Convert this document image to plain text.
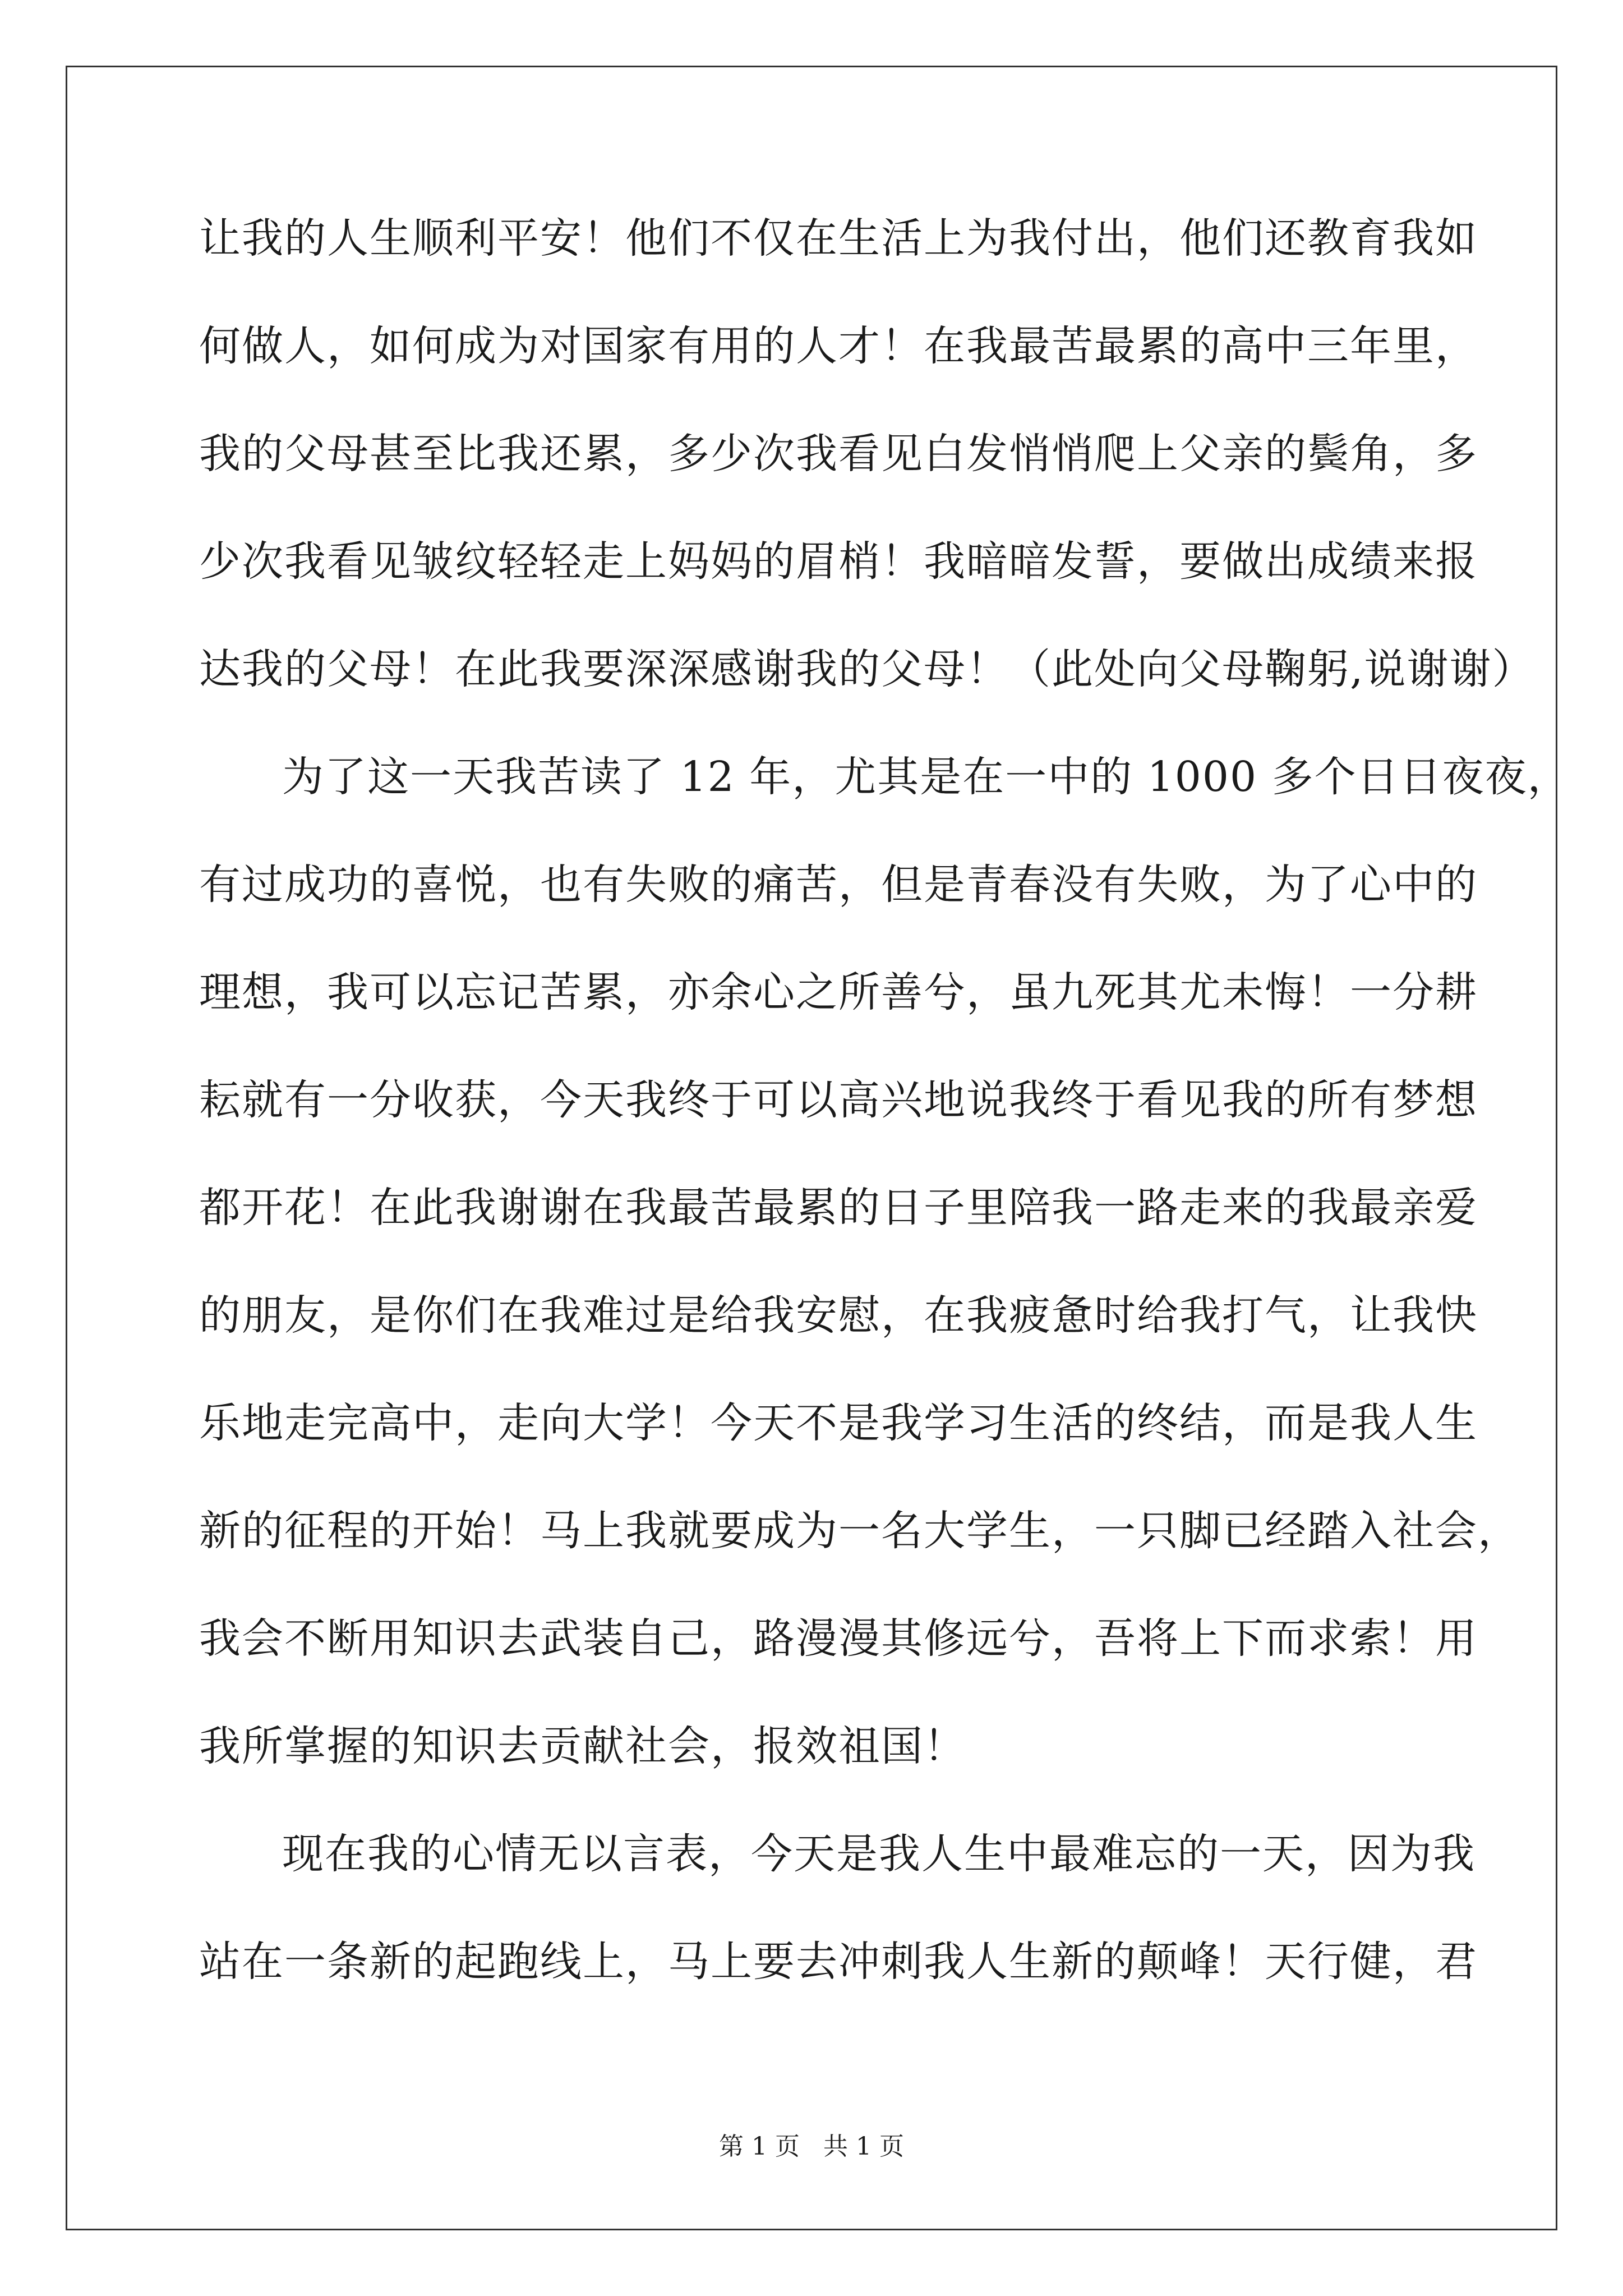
让我的人生顺利平安！他们不仅在生活上为我付出，他们还教育我如
何做人，如何成为对国家有用的人才！在我最苦最累的高中三年里，
我的父母甚至比我还累，多少次我看见白发悄悄爬上父亲的鬓角，多
少次我看见皱纹轻轻走上妈妈的眉梢！我暗暗发誓，要做出成绩来报
达我的父母！在此我要深深感谢我的父母！（此处向父母鞠躬,说谢谢）
为了这一天我苦读了 12 年，尤其是在一中的 1000 多个日日夜夜，
有过成功的喜悦，也有失败的痛苦，但是青春没有失败，为了心中的
理想，我可以忘记苦累，亦余心之所善兮，虽九死其尤未悔！一分耕
耘就有一分收获，今天我终于可以高兴地说我终于看见我的所有梦想
都开花！在此我谢谢在我最苦最累的日子里陪我一路走来的我最亲爱
的朋友，是你们在我难过是给我安慰，在我疲惫时给我打气，让我快
乐地走完高中，走向大学！今天不是我学习生活的终结，而是我人生
新的征程的开始！马上我就要成为一名大学生，一只脚已经踏入社会，
我会不断用知识去武装自己，路漫漫其修远兮，吾将上下而求索！用
我所掌握的知识去贡献社会，报效祖国！
现在我的心情无以言表，今天是我人生中最难忘的一天，因为我
站在一条新的起跑线上，马上要去冲刺我人生新的颠峰！天行健，君
第 1 页   共 1 页
